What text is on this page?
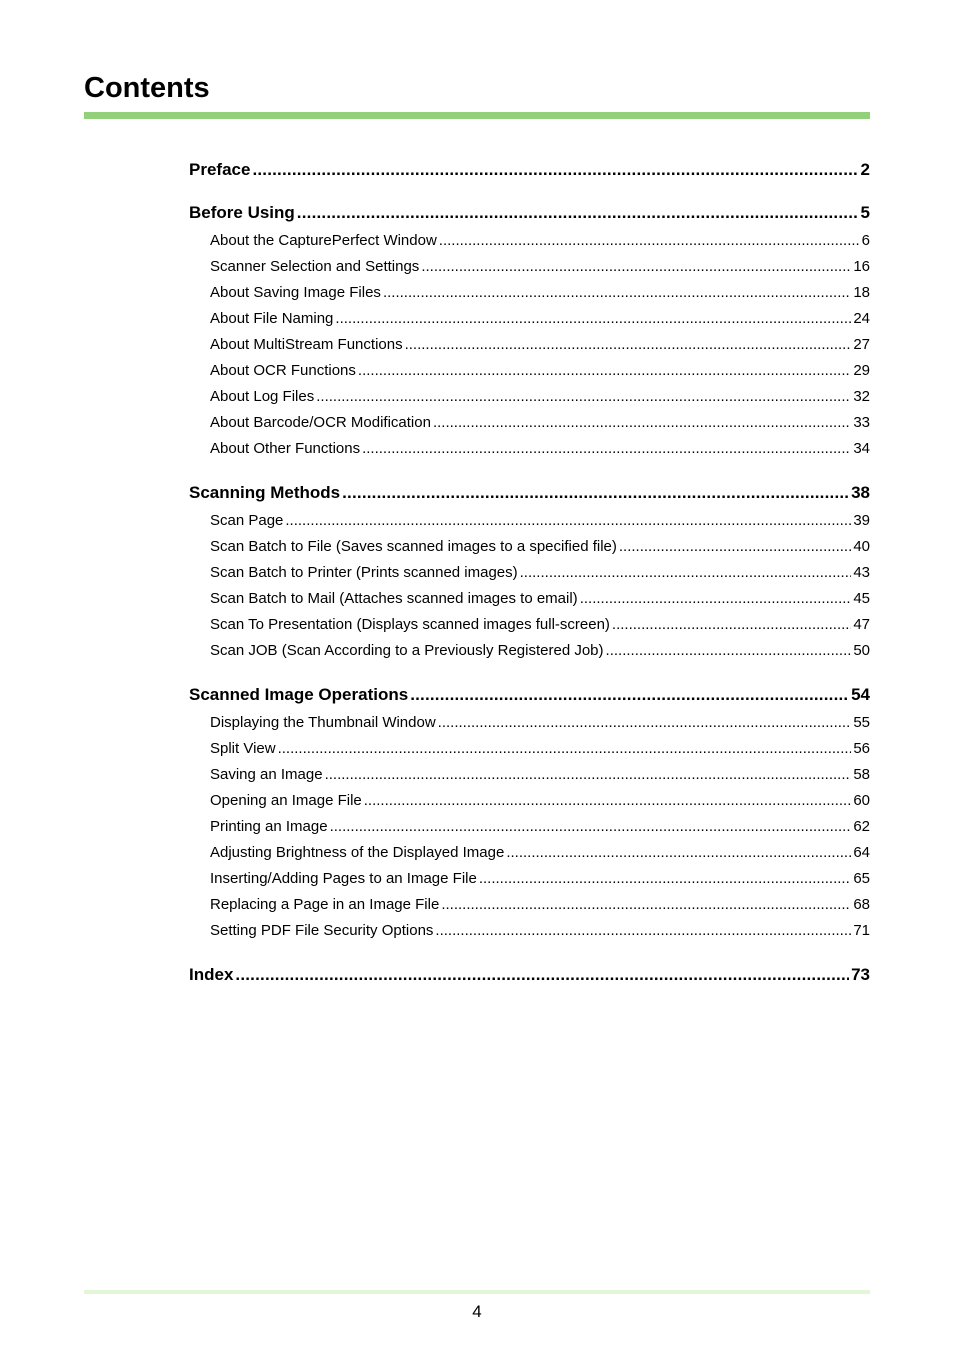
Contents
Preface .....	2
Before Using .....	5
About the CapturePerfect Window .....	6
Scanner Selection and Settings .....	16
About Saving Image Files .....	18
About File Naming .....	24
About MultiStream Functions .....	27
About OCR Functions .....	29
About Log Files .....	32
About Barcode/OCR Modification .....	33
About Other Functions .....	34
Scanning Methods .....	38
Scan Page .....	39
Scan Batch to File (Saves scanned images to a specified file) .....	40
Scan Batch to Printer (Prints scanned images) .....	43
Scan Batch to Mail (Attaches scanned images to email) .....	45
Scan To Presentation (Displays scanned images full-screen) .....	47
Scan JOB (Scan According to a Previously Registered Job) .....	50
Scanned Image Operations .....	54
Displaying the Thumbnail Window .....	55
Split View .....	56
Saving an Image .....	58
Opening an Image File .....	60
Printing an Image .....	62
Adjusting Brightness of the Displayed Image .....	64
Inserting/Adding Pages to an Image File .....	65
Replacing a Page in an Image File .....	68
Setting PDF File Security Options .....	71
Index .....	73
4
